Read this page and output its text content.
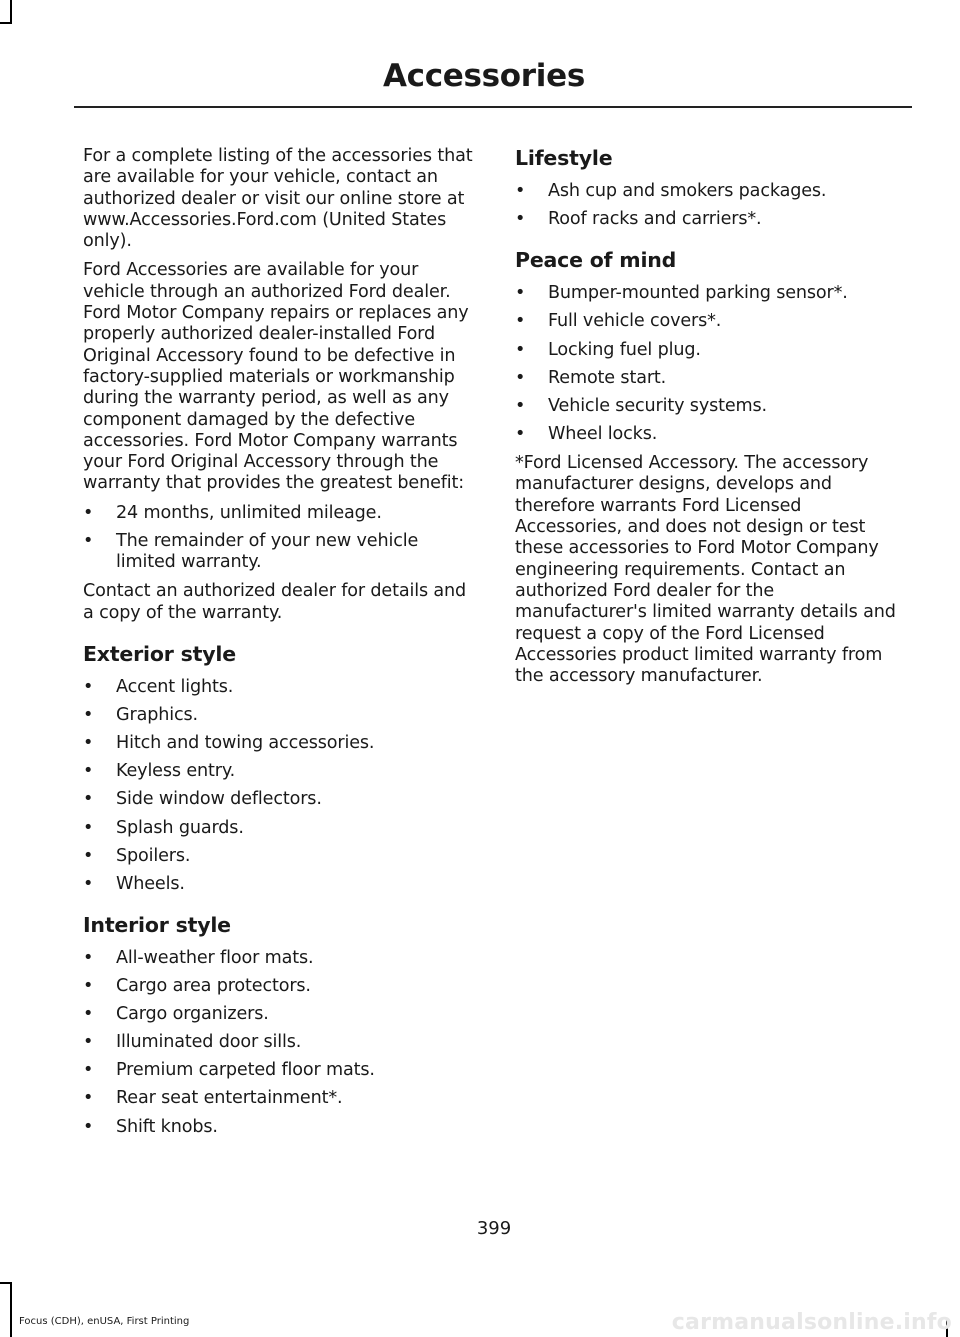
Accessories

For a complete listing of the accessories that are available for your vehicle, contact an authorized dealer or visit our online store at www.Accessories.Ford.com (United States only).

Ford Accessories are available for your vehicle through an authorized Ford dealer. Ford Motor Company repairs or replaces any properly authorized dealer-installed Ford Original Accessory found to be defective in factory-supplied materials or workmanship during the warranty period, as well as any component damaged by the defective accessories. Ford Motor Company warrants your Ford Original Accessory through the warranty that provides the greatest benefit:

• 24 months, unlimited mileage.
• The remainder of your new vehicle limited warranty.

Contact an authorized dealer for details and a copy of the warranty.

Exterior style
• Accent lights.
• Graphics.
• Hitch and towing accessories.
• Keyless entry.
• Side window deflectors.
• Splash guards.
• Spoilers.
• Wheels.
Interior style
• All-weather floor mats.
• Cargo area protectors.
• Cargo organizers.
• Illuminated door sills.
• Premium carpeted floor mats.
• Rear seat entertainment*.
• Shift knobs.
Lifestyle
• Ash cup and smokers packages.
• Roof racks and carriers*.
Peace of mind
• Bumper-mounted parking sensor*.
• Full vehicle covers*.
• Locking fuel plug.
• Remote start.
• Vehicle security systems.
• Wheel locks.

*Ford Licensed Accessory. The accessory manufacturer designs, develops and therefore warrants Ford Licensed Accessories, and does not design or test these accessories to Ford Motor Company engineering requirements. Contact an authorized Ford dealer for the manufacturer's limited warranty details and request a copy of the Ford Licensed Accessories product limited warranty from the accessory manufacturer.

399
Focus (CDH), enUSA, First Printing	carmanualsonline.info
